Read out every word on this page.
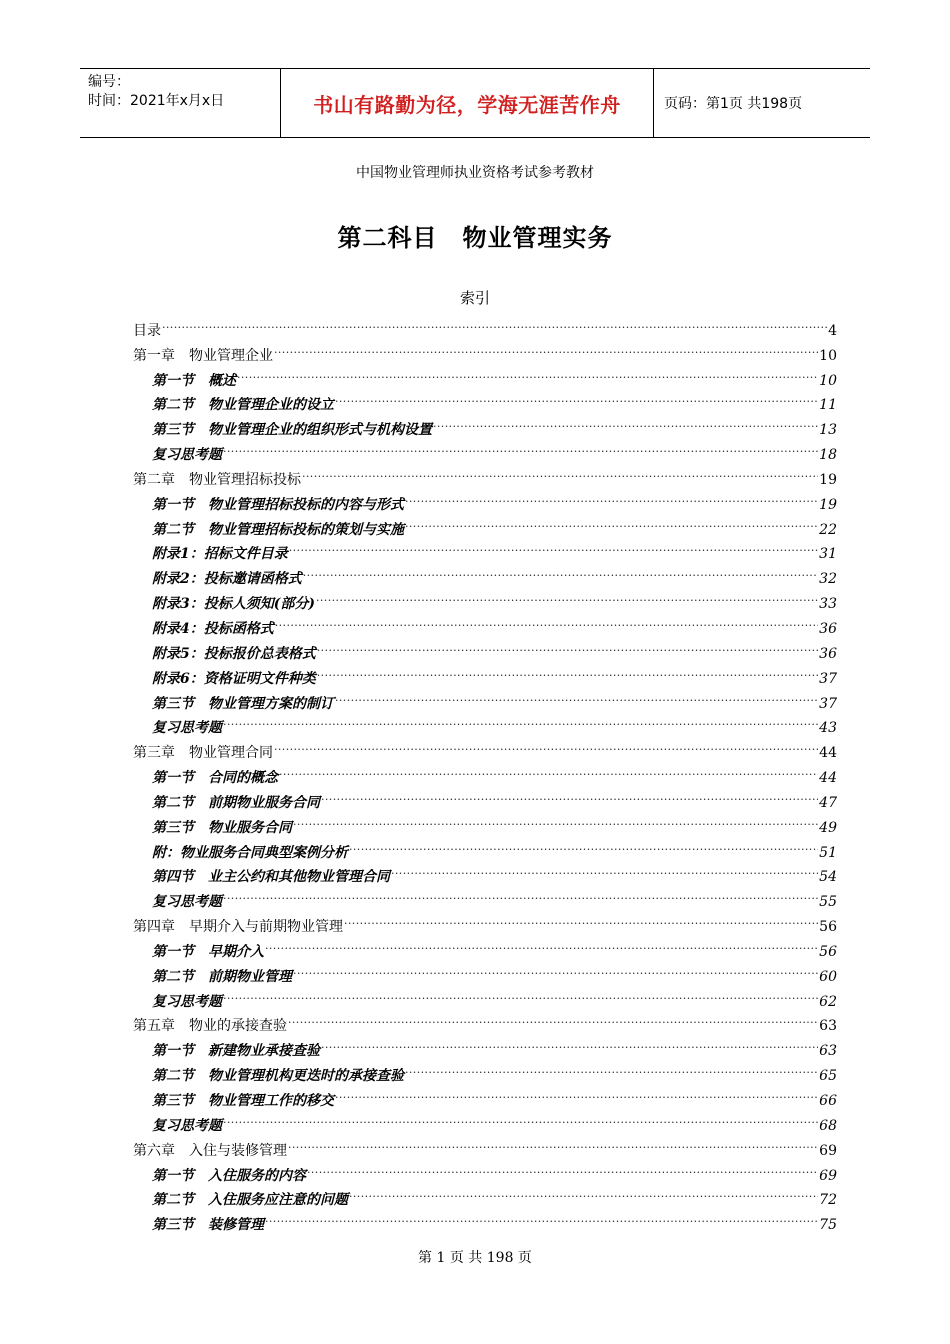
编号：
时间：2021年x月x日	书山有路勤为径，学海无涯苦作舟	页码：第1页 共198页
中国物业管理师执业资格考试参考教材
第二科目　物业管理实务
索引
目录 .....	4
第一章　物业管理企业 .....	10
第一节　概述 .....	10
第二节　物业管理企业的设立 .....	11
第三节　物业管理企业的组织形式与机构设置 .....	13
复习思考题 .....	18
第二章　物业管理招标投标 .....	19
第一节　物业管理招标投标的内容与形式 .....	19
第二节　物业管理招标投标的策划与实施 .....	22
附录1：招标文件目录 .....	31
附录2：投标邀请函格式 .....	32
附录3：投标人须知(部分) .....	33
附录4：投标函格式 .....	36
附录5：投标报价总表格式 .....	36
附录6：资格证明文件种类 .....	37
第三节　物业管理方案的制订 .....	37
复习思考题 .....	43
第三章　物业管理合同 .....	44
第一节　合同的概念 .....	44
第二节　前期物业服务合同 .....	47
第三节　物业服务合同 .....	49
附：物业服务合同典型案例分析 .....	51
第四节　业主公约和其他物业管理合同 .....	54
复习思考题 .....	55
第四章　早期介入与前期物业管理 .....	56
第一节　早期介入 .....	56
第二节　前期物业管理 .....	60
复习思考题 .....	62
第五章　物业的承接查验 .....	63
第一节　新建物业承接查验 .....	63
第二节　物业管理机构更迭时的承接查验 .....	65
第三节　物业管理工作的移交 .....	66
复习思考题 .....	68
第六章　入住与装修管理 .....	69
第一节　入住服务的内容 .....	69
第二节　入住服务应注意的问题 .....	72
第三节　装修管理 .....	75
第 1 页 共 198 页
